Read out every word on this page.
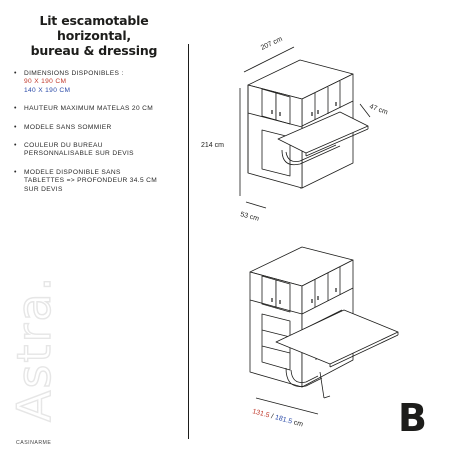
Lit escamotable horizontal,
bureau & dressing
• DIMENSIONS DISPONIBLES :
90 X 190 CM
140 X 190 CM
• HAUTEUR MAXIMUM MATELAS 20 CM
• MODELE SANS SOMMIER
• COULEUR DU BUREAU
PERSONNALISABLE SUR DEVIS
• MODELE DISPONIBLE SANS
TABLETTES => PROFONDEUR 34.5 CM
SUR DEVIS
Astra.
CASINARME
207 cm
214 cm
47 cm
53 cm
131.5 / 181.5 cm B
